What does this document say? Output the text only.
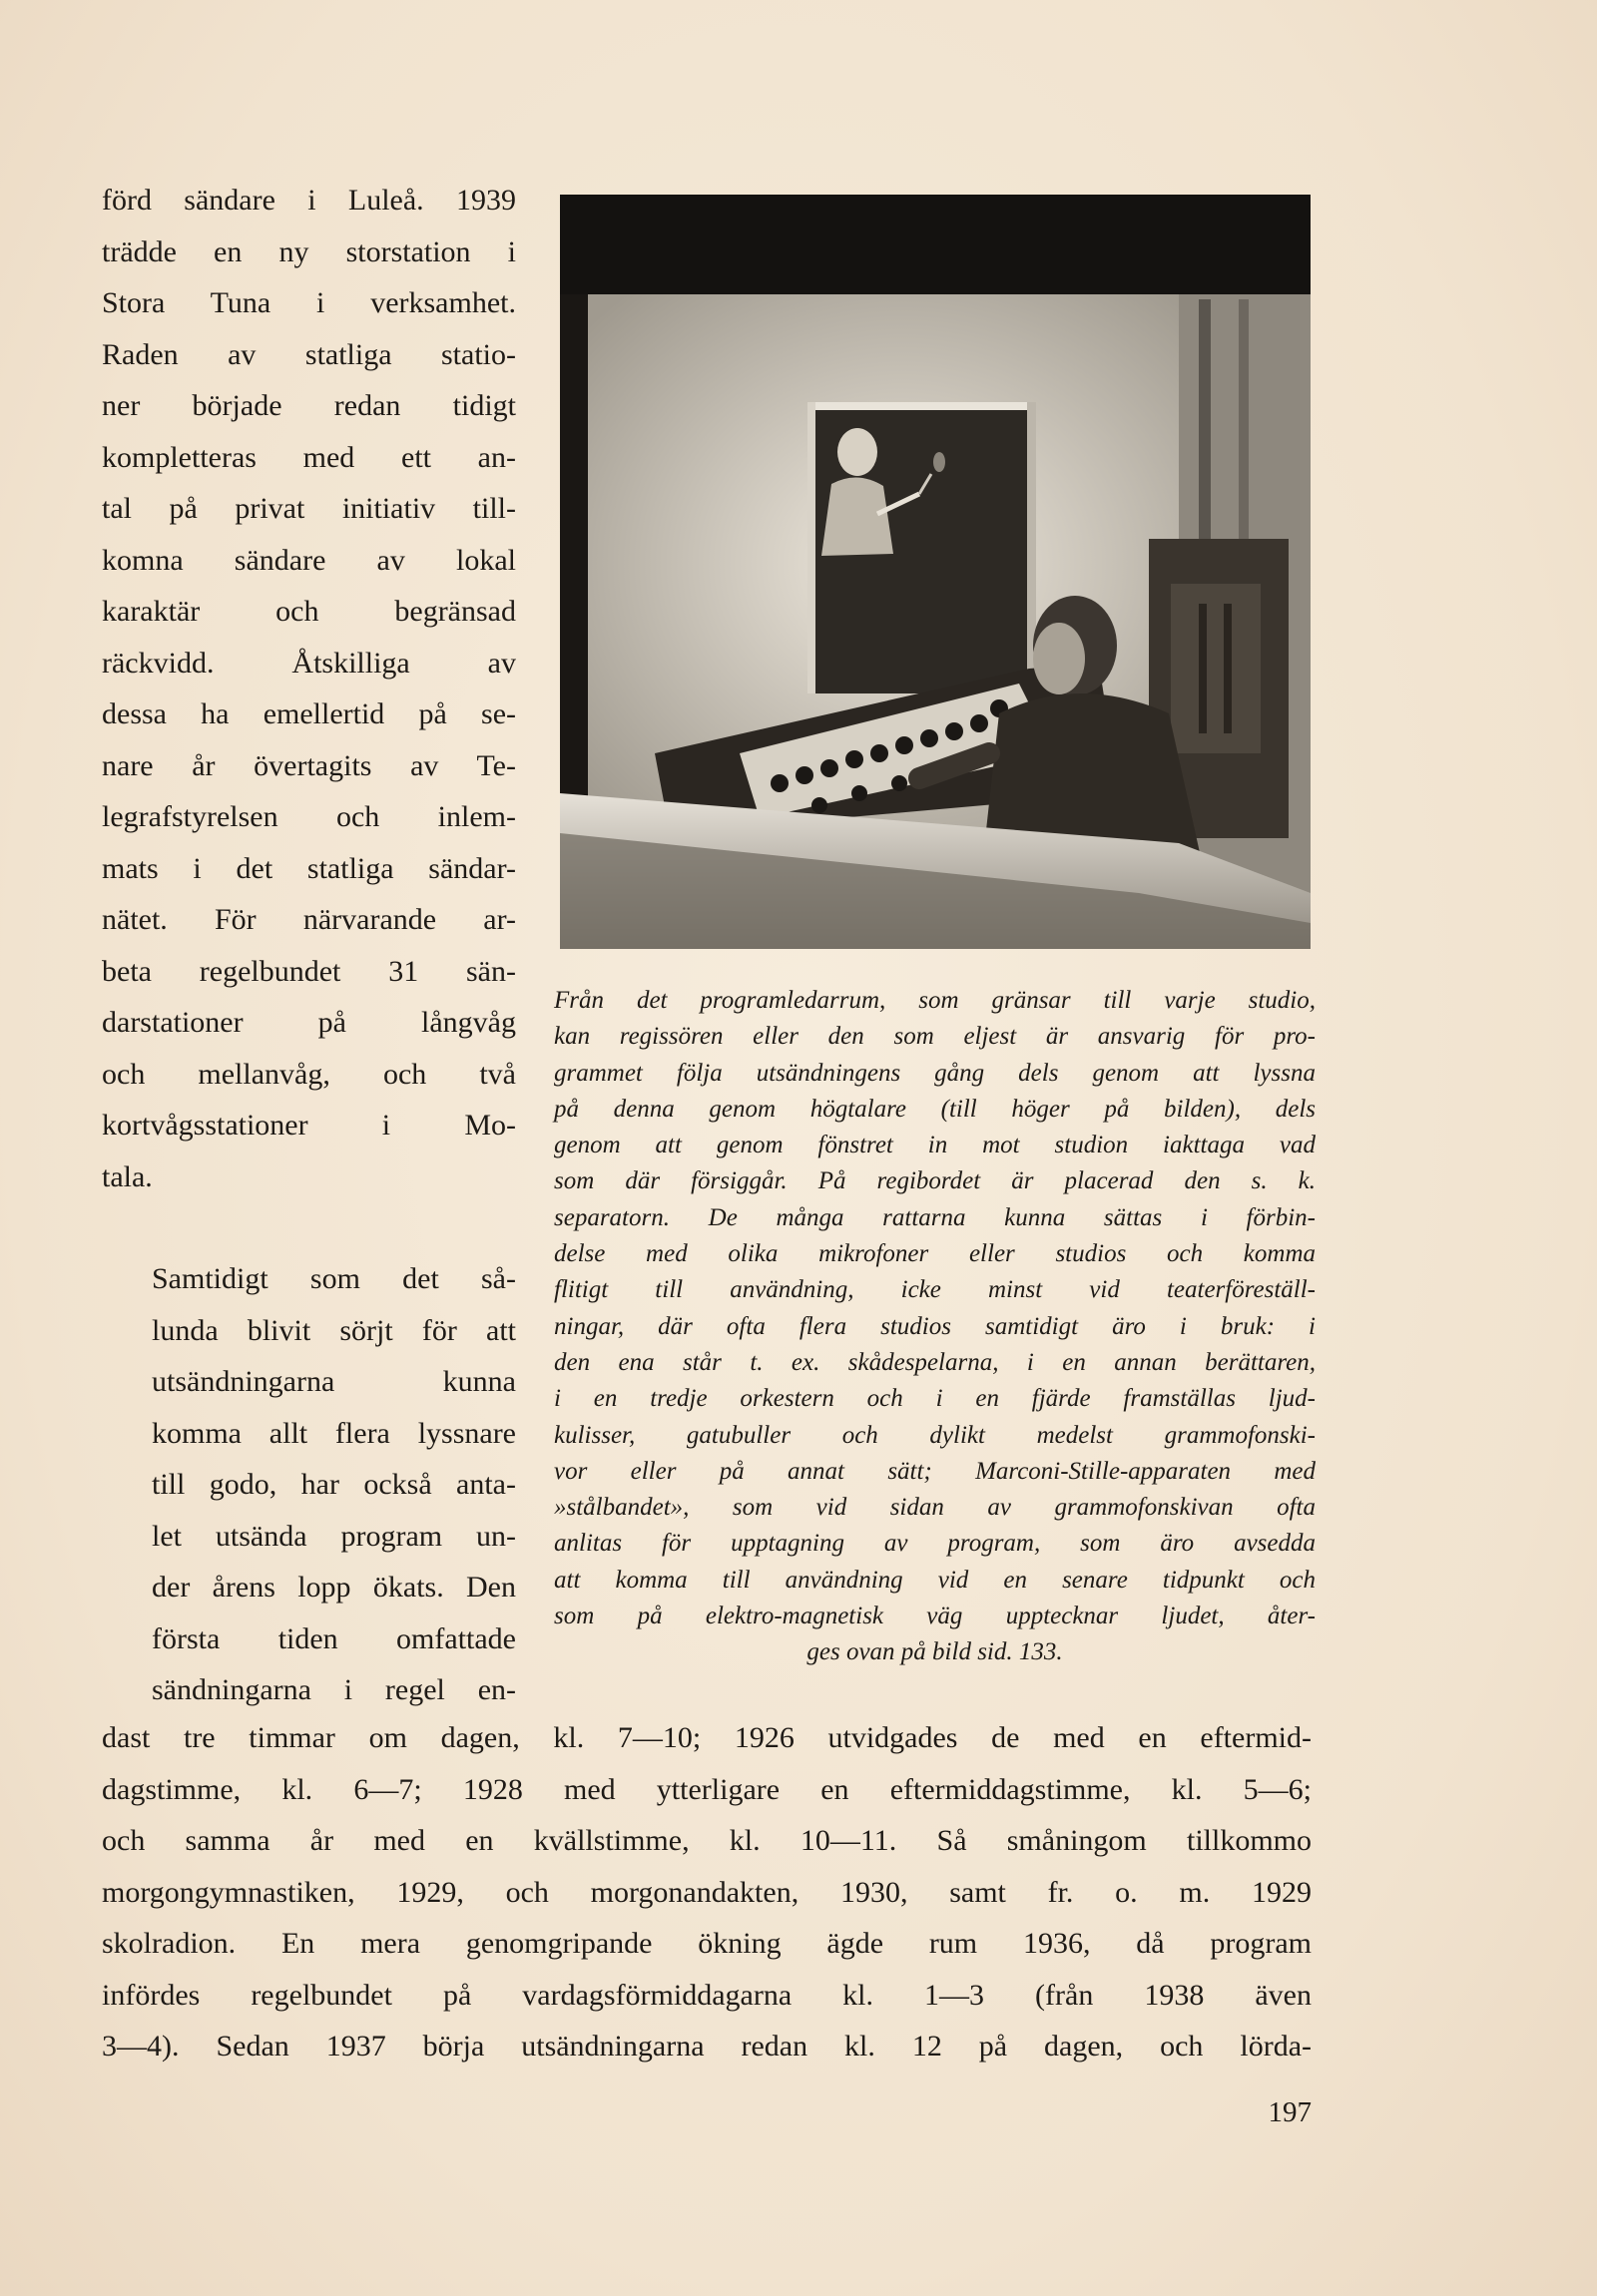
förd sändare i Luleå. 1939
trädde en ny storstation i
Stora Tuna i verksamhet.
Raden av statliga statio-
ner började redan tidigt
kompletteras med ett an-
tal på privat initiativ till-
komna sändare av lokal
karaktär och begränsad
räckvidd. Åtskilliga av
dessa ha emellertid på se-
nare år övertagits av Te-
legrafstyrelsen och inlem-
mats i det statliga sändar-
nätet. För närvarande ar-
beta regelbundet 31 sän-
darstationer på långvåg
och mellanvåg, och två
kortvågsstationer i Mo-
tala.

Samtidigt som det så-
lunda blivit sörjt för att
utsändningarna kunna
komma allt flera lyssnare
till godo, har också anta-
let utsända program un-
der årens lopp ökats. Den
första tiden omfattade
sändningarna i regel en-

Från det programledarrum, som gränsar till varje studio,
kan regissören eller den som eljest är ansvarig för pro-
grammet följa utsändningens gång dels genom att lyssna
på denna genom högtalare (till höger på bilden), dels
genom att genom fönstret in mot studion iakttaga vad
som där försiggår. På regibordet är placerad den s. k.
separatorn. De många rattarna kunna sättas i förbin-
delse med olika mikrofoner eller studios och komma
flitigt till användning, icke minst vid teaterföreställ-
ningar, där ofta flera studios samtidigt äro i bruk: i
den ena står t. ex. skådespelarna, i en annan berättaren,
i en tredje orkestern och i en fjärde framställas ljud-
kulisser, gatubuller och dylikt medelst grammofonski-
vor eller på annat sätt; Marconi-Stille-apparaten med
»stålbandet», som vid sidan av grammofonskivan ofta
anlitas för upptagning av program, som äro avsedda
att komma till användning vid en senare tidpunkt och
som på elektro-magnetisk väg upptecknar ljudet, åter-
ges ovan på bild sid. 133.
dast tre timmar om dagen, kl. 7—10; 1926 utvidgades de med en eftermid-
dagstimme, kl. 6—7; 1928 med ytterligare en eftermiddagstimme, kl. 5—6;
och samma år med en kvällstimme, kl. 10—11. Så småningom tillkommo
morgongymnastiken, 1929, och morgonandakten, 1930, samt fr. o. m. 1929
skolradion. En mera genomgripande ökning ägde rum 1936, då program
infördes regelbundet på vardagsförmiddagarna kl. 1—3 (från 1938 även
3—4). Sedan 1937 börja utsändningarna redan kl. 12 på dagen, och lörda-
197
